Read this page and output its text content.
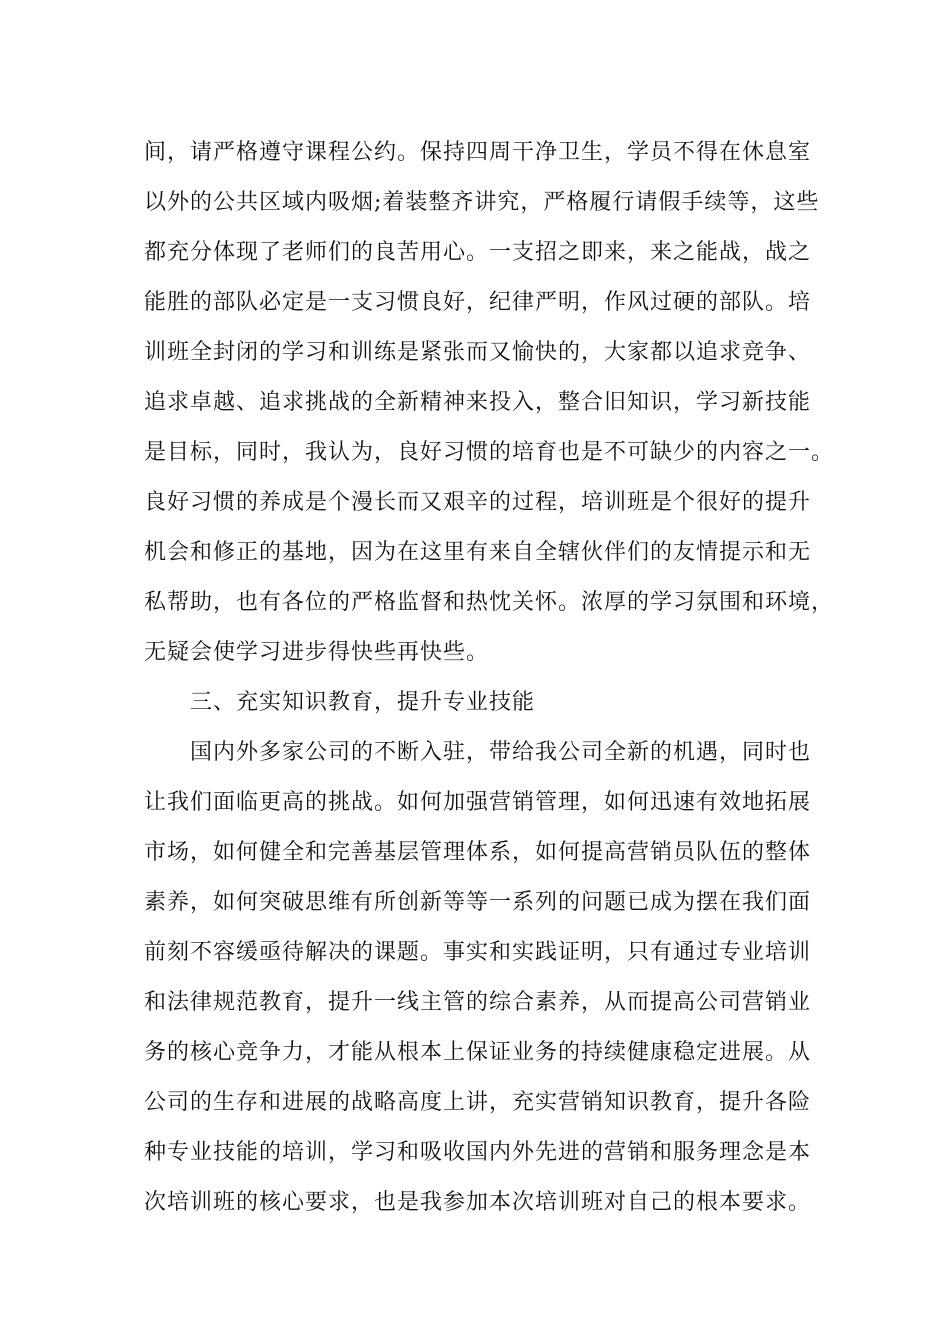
间，请严格遵守课程公约。保持四周干净卫生，学员不得在休息室
以外的公共区域内吸烟;着装整齐讲究，严格履行请假手续等，这些
都充分体现了老师们的良苦用心。一支招之即来，来之能战，战之
能胜的部队必定是一支习惯良好，纪律严明，作风过硬的部队。培
训班全封闭的学习和训练是紧张而又愉快的，大家都以追求竞争、
追求卓越、追求挑战的全新精神来投入，整合旧知识，学习新技能
是目标，同时，我认为，良好习惯的培育也是不可缺少的内容之一。
良好习惯的养成是个漫长而又艰辛的过程，培训班是个很好的提升
机会和修正的基地，因为在这里有来自全辖伙伴们的友情提示和无
私帮助，也有各位的严格监督和热忱关怀。浓厚的学习氛围和环境，
无疑会使学习进步得快些再快些。
三、充实知识教育，提升专业技能
国内外多家公司的不断入驻，带给我公司全新的机遇，同时也
让我们面临更高的挑战。如何加强营销管理，如何迅速有效地拓展
市场，如何健全和完善基层管理体系，如何提高营销员队伍的整体
素养，如何突破思维有所创新等等一系列的问题已成为摆在我们面
前刻不容缓亟待解决的课题。事实和实践证明，只有通过专业培训
和法律规范教育，提升一线主管的综合素养，从而提高公司营销业
务的核心竞争力，才能从根本上保证业务的持续健康稳定进展。从
公司的生存和进展的战略高度上讲，充实营销知识教育，提升各险
种专业技能的培训，学习和吸收国内外先进的营销和服务理念是本
次培训班的核心要求，也是我参加本次培训班对自己的根本要求。
